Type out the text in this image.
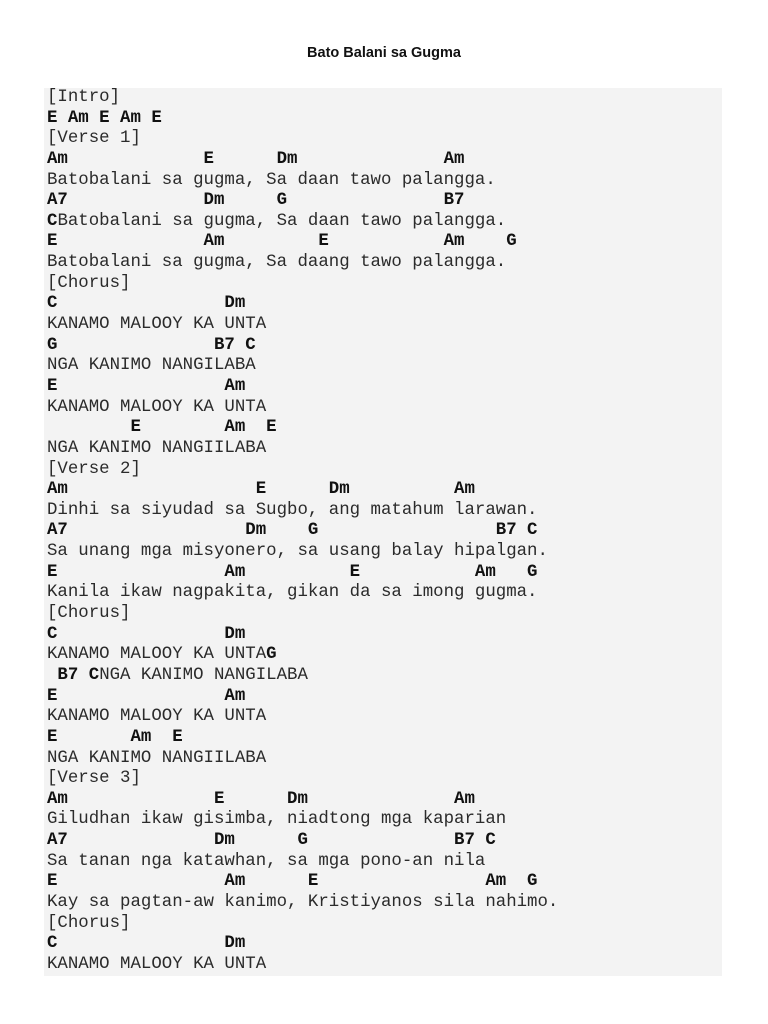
Bato Balani sa Gugma
[Intro]
E Am E Am E
[Verse 1]
Am             E      Dm              Am
Batobalani sa gugma, Sa daan tawo palangga.
A7             Dm     G               B7
CBatobalani sa gugma, Sa daan tawo palangga.
E              Am         E           Am    G
Batobalani sa gugma, Sa daang tawo palangga.
[Chorus]
C                Dm
KANAMO MALOOY KA UNTA
G               B7 C
NGA KANIMO NANGILABA
E                Am
KANAMO MALOOY KA UNTA
E        Am  E
NGA KANIMO NANGIILABA
[Verse 2]
Am                  E      Dm          Am
Dinhi sa siyudad sa Sugbo, ang matahum larawan.
A7                 Dm    G                 B7 C
Sa unang mga misyonero, sa usang balay hipalgan.
E                Am          E           Am   G
Kanila ikaw nagpakita, gikan da sa imong gugma.
[Chorus]
C                Dm
KANAMO MALOOY KA UNTAG
B7 CNGA KANIMO NANGILABA
E                Am
KANAMO MALOOY KA UNTA
E       Am  E
NGA KANIMO NANGIILABA
[Verse 3]
Am              E      Dm              Am
Giludhan ikaw gisimba, niadtong mga kaparian
A7              Dm      G              B7 C
Sa tanan nga katawhan, sa mga pono-an nila
E                Am      E                Am  G
Kay sa pagtan-aw kanimo, Kristiyanos sila nahimo.
[Chorus]
C                Dm
KANAMO MALOOY KA UNTA
